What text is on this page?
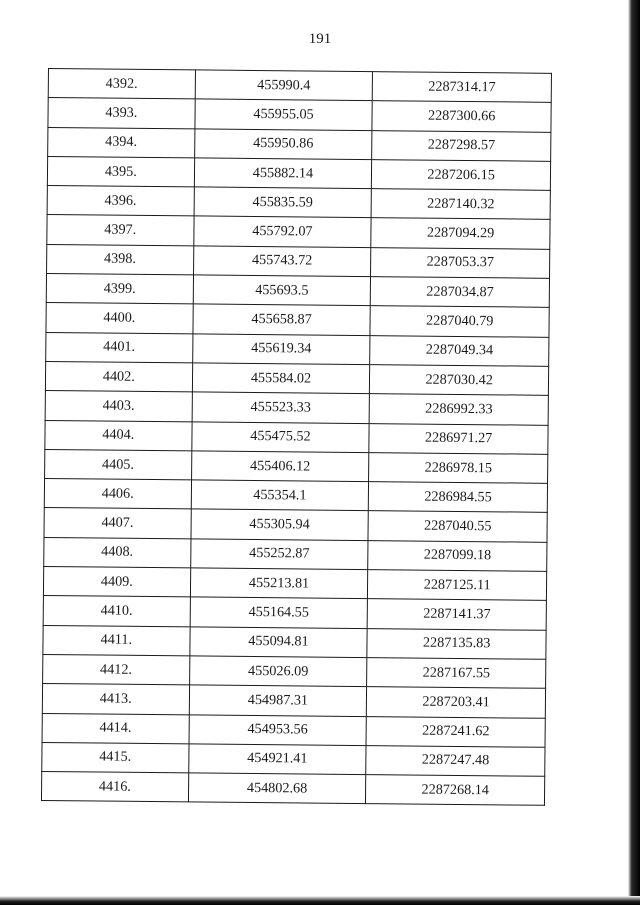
191
4392.	455990.4	2287314.17
4393.	455955.05	2287300.66
4394.	455950.86	2287298.57
4395.	455882.14	2287206.15
4396.	455835.59	2287140.32
4397.	455792.07	2287094.29
4398.	455743.72	2287053.37
4399.	455693.5	2287034.87
4400.	455658.87	2287040.79
4401.	455619.34	2287049.34
4402.	455584.02	2287030.42
4403.	455523.33	2286992.33
4404.	455475.52	2286971.27
4405.	455406.12	2286978.15
4406.	455354.1	2286984.55
4407.	455305.94	2287040.55
4408.	455252.87	2287099.18
4409.	455213.81	2287125.11
4410.	455164.55	2287141.37
4411.	455094.81	2287135.83
4412.	455026.09	2287167.55
4413.	454987.31	2287203.41
4414.	454953.56	2287241.62
4415.	454921.41	2287247.48
4416.	454802.68	2287268.14
